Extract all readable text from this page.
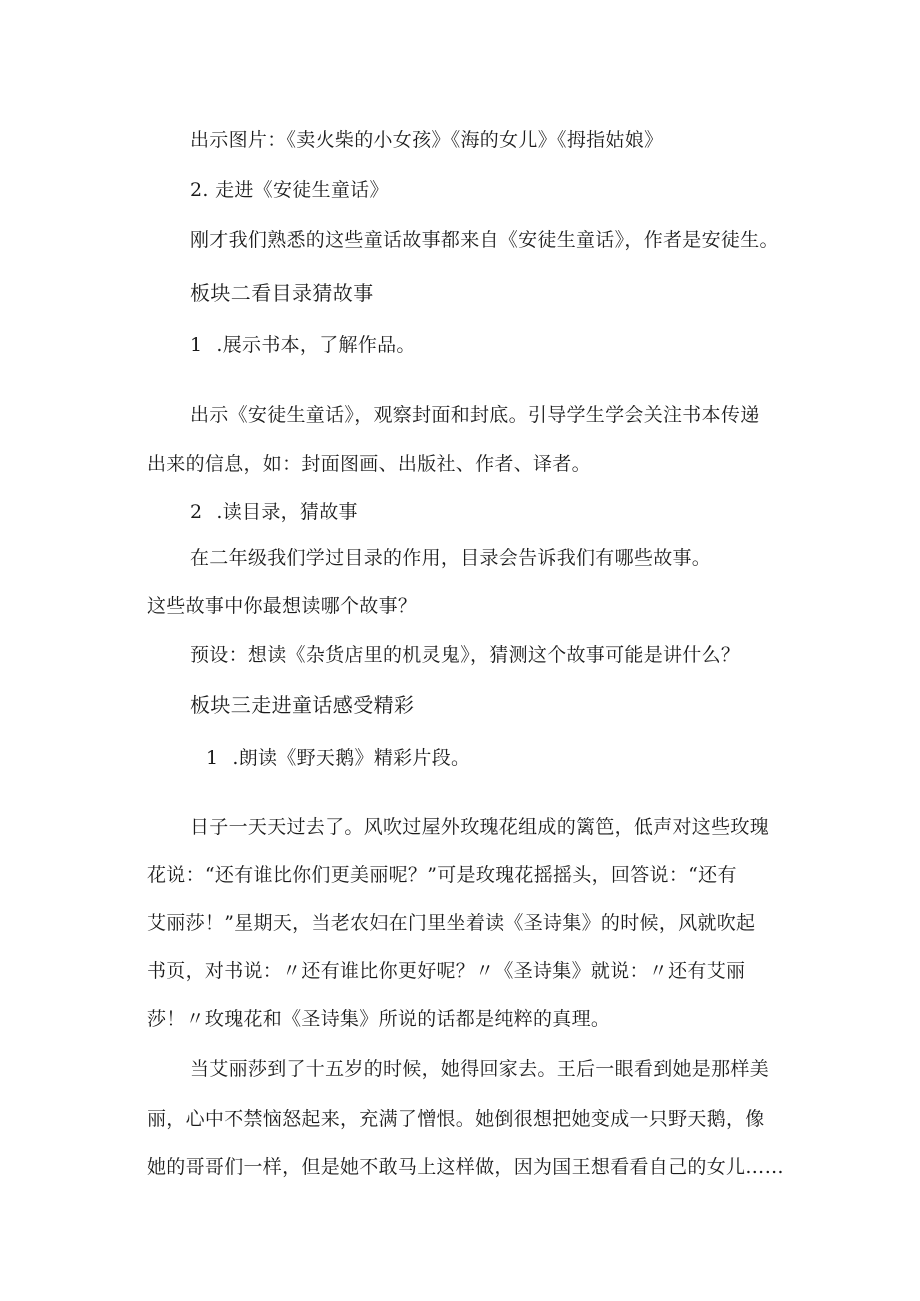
出示图片：《卖火柴的小女孩》《海的女儿》《拇指姑娘》
2. 走进《安徒生童话》
刚才我们熟悉的这些童话故事都来自《安徒生童话》，作者是安徒生。
板块二看目录猜故事
1 .展示书本，了解作品。
出示《安徒生童话》，观察封面和封底。引导学生学会关注书本传递
出来的信息，如：封面图画、出版社、作者、译者。
2 .读目录，猜故事
在二年级我们学过目录的作用，目录会告诉我们有哪些故事。
这些故事中你最想读哪个故事？
预设：想读《杂货店里的机灵鬼》，猜测这个故事可能是讲什么？
板块三走进童话感受精彩
1 .朗读《野天鹅》精彩片段。
日子一天天过去了。风吹过屋外玫瑰花组成的篱笆，低声对这些玫瑰
花说：“还有谁比你们更美丽呢？”可是玫瑰花摇摇头，回答说：“还有
艾丽莎！”星期天，当老农妇在门里坐着读《圣诗集》的时候，风就吹起
书页，对书说：〃还有谁比你更好呢？〃《圣诗集》就说：〃还有艾丽
莎！〃玫瑰花和《圣诗集》所说的话都是纯粹的真理。
当艾丽莎到了十五岁的时候，她得回家去。王后一眼看到她是那样美
丽，心中不禁恼怒起来，充满了憎恨。她倒很想把她变成一只野天鹅，像
她的哥哥们一样，但是她不敢马上这样做，因为国王想看看自己的女儿……
